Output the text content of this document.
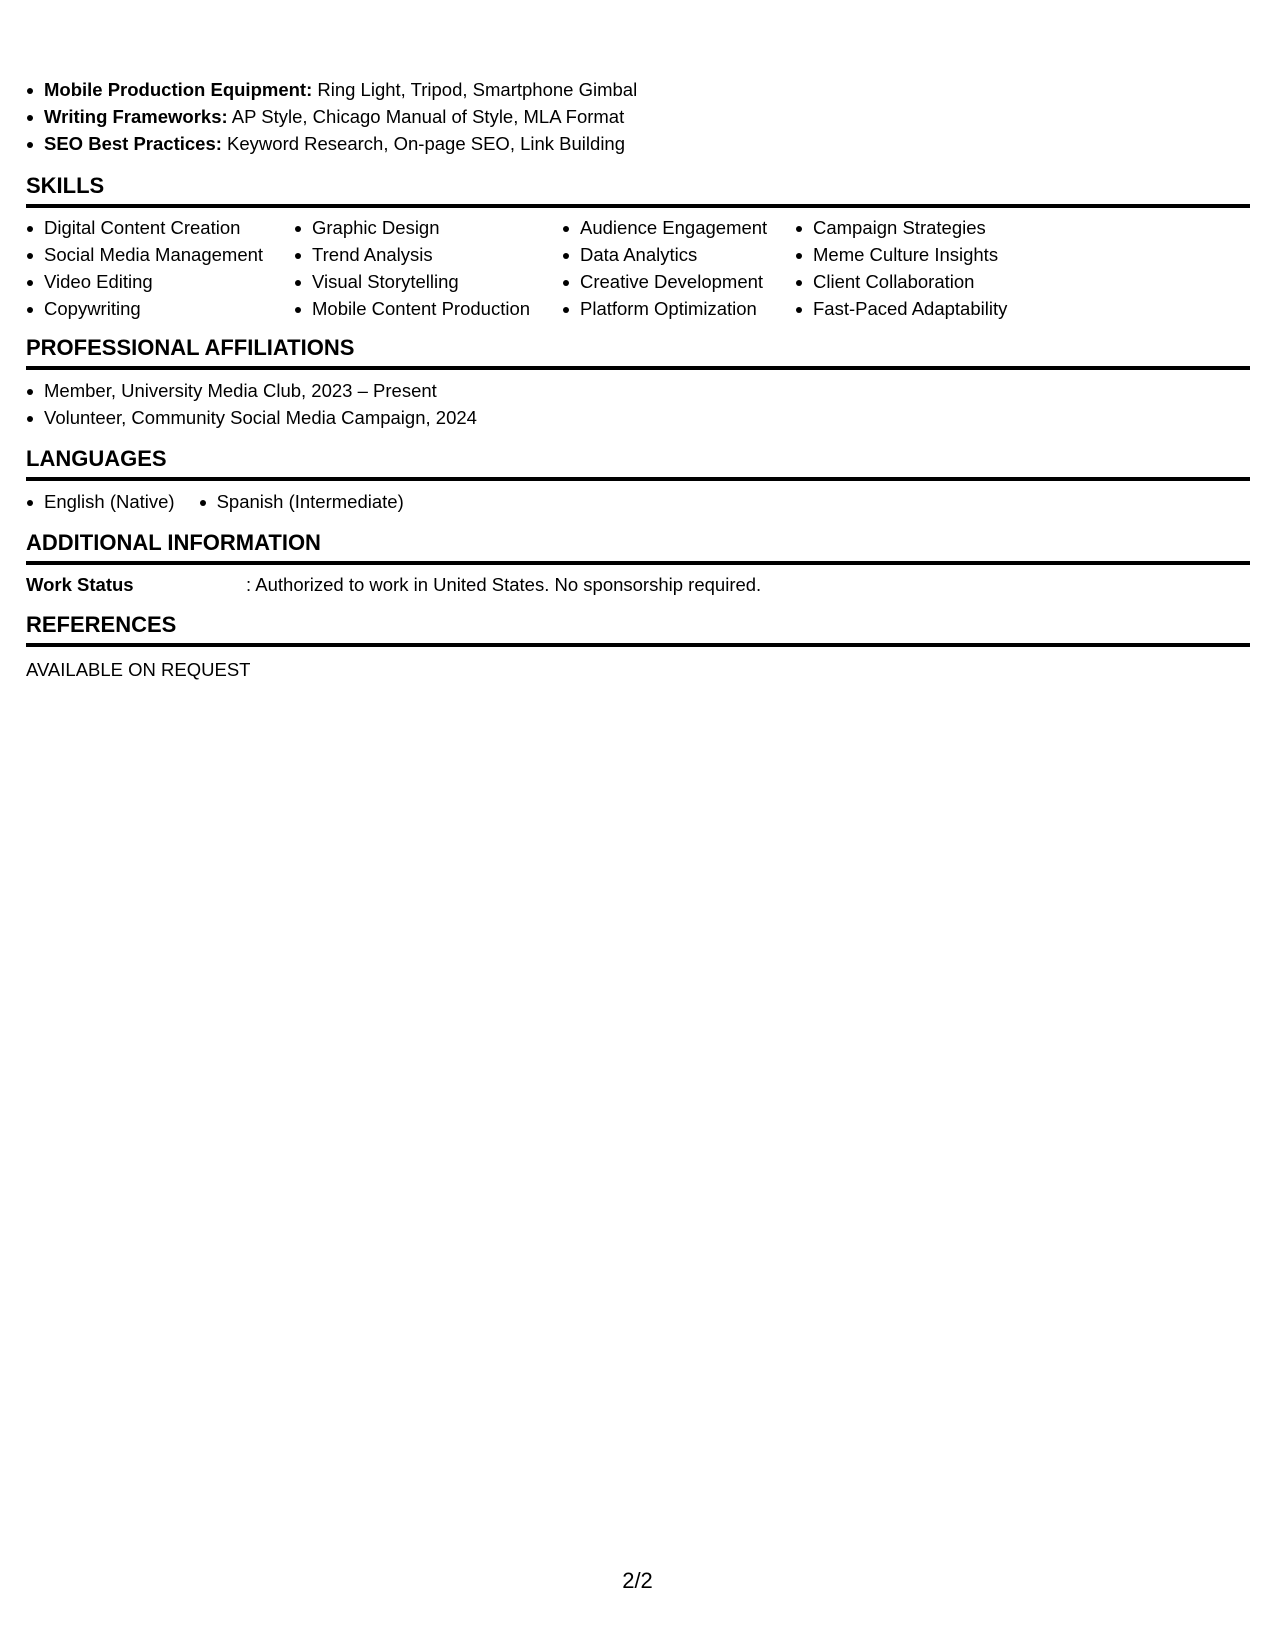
Mobile Production Equipment: Ring Light, Tripod, Smartphone Gimbal
Writing Frameworks: AP Style, Chicago Manual of Style, MLA Format
SEO Best Practices: Keyword Research, On-page SEO, Link Building
SKILLS
Digital Content Creation
Social Media Management
Video Editing
Copywriting
Graphic Design
Trend Analysis
Visual Storytelling
Mobile Content Production
Audience Engagement
Data Analytics
Creative Development
Platform Optimization
Campaign Strategies
Meme Culture Insights
Client Collaboration
Fast-Paced Adaptability
PROFESSIONAL AFFILIATIONS
Member, University Media Club, 2023 – Present
Volunteer, Community Social Media Campaign, 2024
LANGUAGES
English (Native)	Spanish (Intermediate)
ADDITIONAL INFORMATION
Work Status	: Authorized to work in United States. No sponsorship required.
REFERENCES
AVAILABLE ON REQUEST
2/2
